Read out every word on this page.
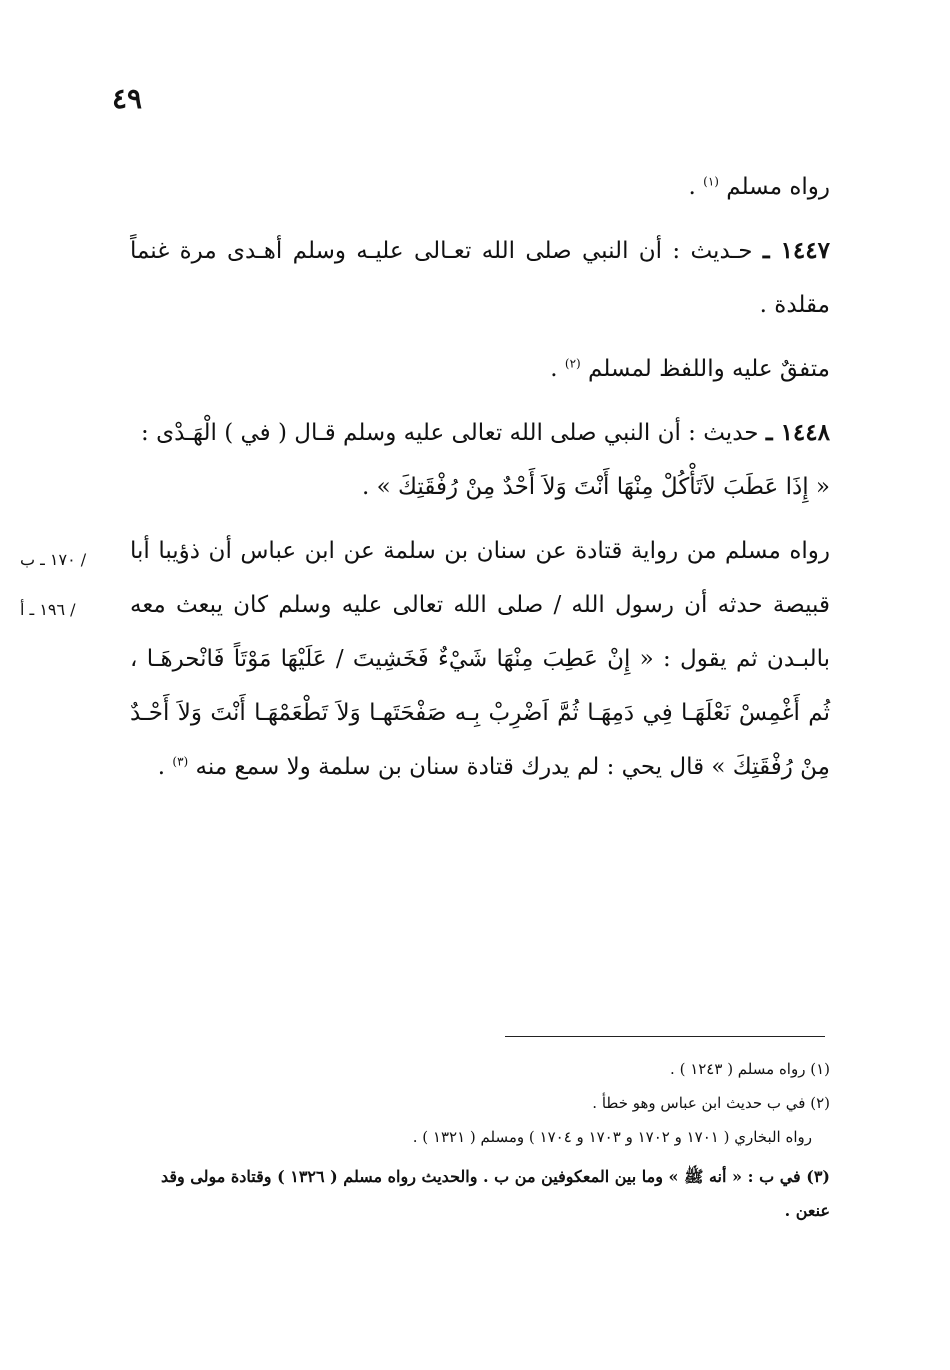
٤٩

رواه مسلم $^{(١)}$ .

١٤٤٧ ـ حـديث : أن النبي صلى الله تعـالى عليـه وسلم أهـدى مرة غنماً مقلدة .

متفقٌ عليه واللفظ لمسلم $^{(٢)}$ .

١٤٤٨ ـ حديث : أن النبي صلى الله تعالى عليه وسلم قـال ( في ) الْهَـدْى :
« إِذَا عَطَبَ لاَتَأْكُلْ مِنْهَا أَنْتَ وَلاَ أَحْدٌ مِنْ رُفْقَتِكَ » .

رواه مسلم من رواية قتادة عن سنان بن سلمة عن ابن عباس أن ذؤيبا أبا قبيصة حدثه أن رسول الله / صلى الله تعالى عليه وسلم كان يبعث معه بالبـدن ثم يقول : « إِنْ عَطِبَ مِنْهَا شَيْءٌ فَخَشِيتَ / عَلَيْهَا مَوْتَاً فَانْحرهَـا ، ثُم أَغْمِسْ نَعْلَهَـا فِي دَمِهَـا ثُمَّ اَضْرِبْ بِـه صَفْحَتَهـا وَلاَ تَطْعَمْهَـا أَنْتَ وَلاَ أَحْـدٌ مِنْ رُفْقَتِكَ » قال يحي : لم يدرك قتادة سنان بن سلمة ولا سمع منه $^{(٣)}$ .

/ ١٧٠ ـ ب
/ ١٩٦ ـ أ

(١) رواه مسلم ( ١٢٤٣ ) .

(٢) في ب حديث ابن عباس وهو خطأ .

رواه البخاري ( ١٧٠١ و ١٧٠٢ و ١٧٠٣ و ١٧٠٤ ) ومسلم ( ١٣٢١ ) .

(٣) في ب : « أنه ﷺ » وما بين المعكوفين من ب . والحديث رواه مسلم ( ١٣٢٦ ) وقتادة مولى وقد عنعن .
